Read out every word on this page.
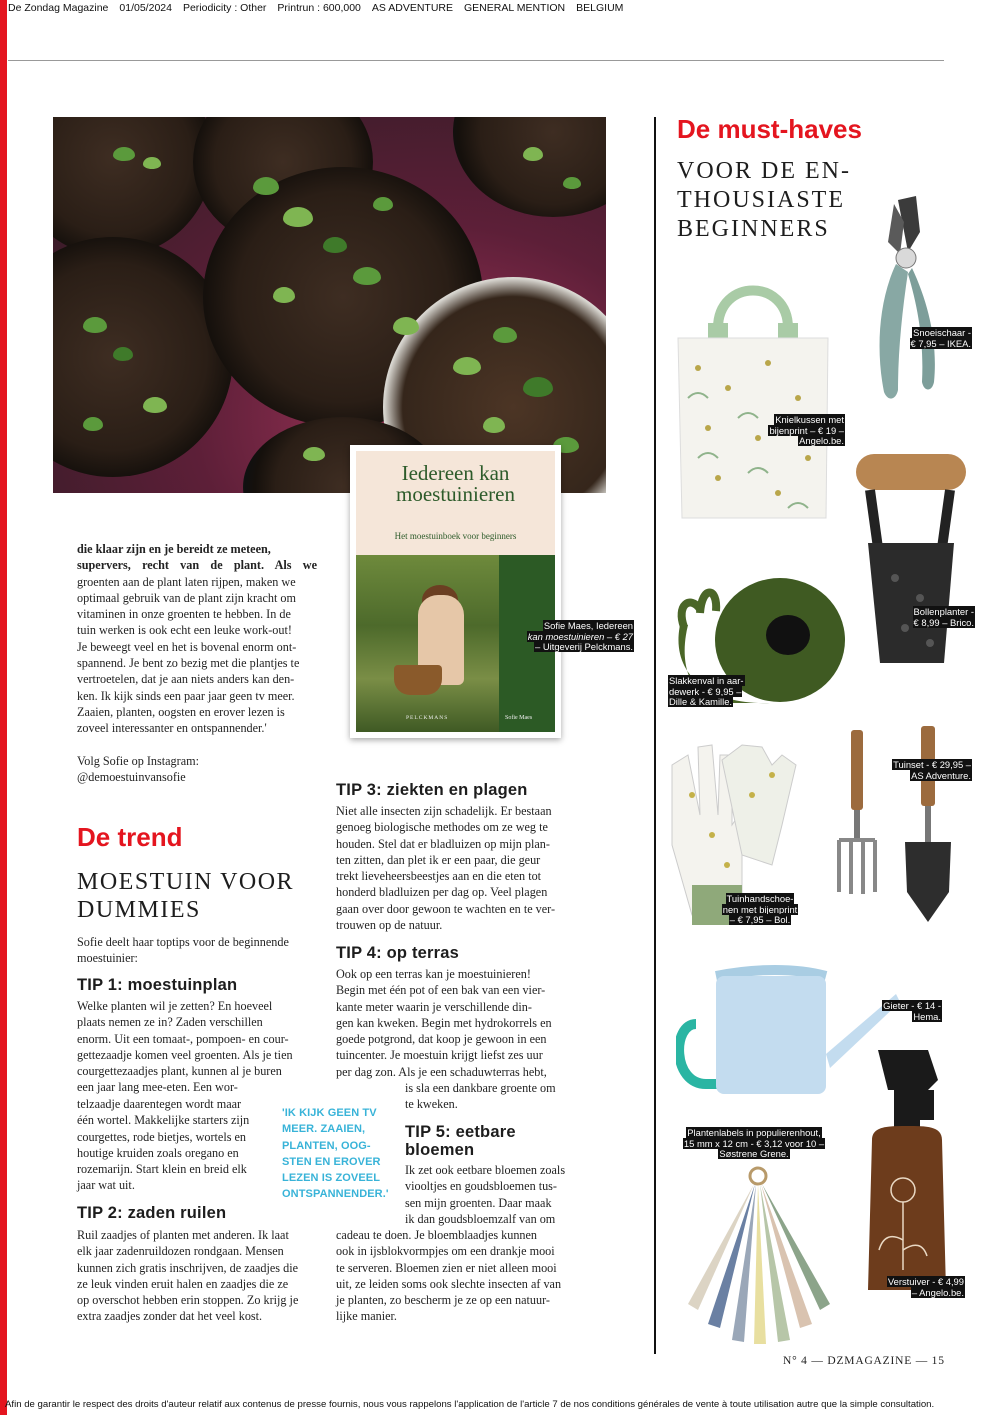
De Zondag Magazine 01/05/2024 Periodicity : Other Printrun : 600,000 AS ADVENTURE GENERAL MENTION BELGIUM
Iedereen kan
moestuinieren
Het moestuinboek voor beginners
PELCKMANS	Sofie Maes
Sofie Maes, Iedereen
kan moestuinieren – € 27
– Uitgeverij Pelckmans.

die klaar zijn en je bereidt ze meteen,

supervers, recht van de plant. Als we

groenten aan de plant laten rijpen, maken we

optimaal gebruik van de plant zijn kracht om

vitaminen in onze groenten te hebben. In de

tuin werken is ook echt een leuke work-out!

Je beweegt veel en het is bovenal enorm ont-

spannend. Je bent zo bezig met die plantjes te

vertroetelen, dat je aan niets anders kan den-

ken. Ik kijk sinds een paar jaar geen tv meer.

Zaaien, planten, oogsten en erover lezen is

zoveel interessanter en ontspannender.'

Volg Sofie op Instagram:

@demoestuinvansofie

De trend
MOESTUIN VOOR
DUMMIES

Sofie deelt haar toptips voor de beginnende

moestuinier:

TIP 1: moestuinplan

Welke planten wil je zetten? En hoeveel

plaats nemen ze in? Zaden verschillen

enorm. Uit een tomaat-, pompoen- en cour-

gettezaadje komen veel groenten. Als je tien

courgettezaadjes plant, kunnen al je buren

een jaar lang mee-eten. Een wor-

telzaadje daarentegen wordt maar

één wortel. Makkelijke starters zijn

courgettes, rode bietjes, wortels en

houtige kruiden zoals oregano en

rozemarijn. Start klein en breid elk

jaar wat uit.

TIP 2: zaden ruilen

Ruil zaadjes of planten met anderen. Ik laat

elk jaar zadenruildozen rondgaan. Mensen

kunnen zich gratis inschrijven, de zaadjes die

ze leuk vinden eruit halen en zaadjes die ze

op overschot hebben erin stoppen. Zo krijg je

extra zaadjes zonder dat het veel kost.

'IK KIJK GEEN TV MEER. ZAAIEN, PLANTEN, OOG-STEN EN EROVER LEZEN IS ZOVEEL ONTSPANNENDER.'
TIP 3: ziekten en plagen

Niet alle insecten zijn schadelijk. Er bestaan

genoeg biologische methodes om ze weg te

houden. Stel dat er bladluizen op mijn plan-

ten zitten, dan plet ik er een paar, die geur

trekt lieveheersbeestjes aan en die eten tot

honderd bladluizen per dag op. Veel plagen

gaan over door gewoon te wachten en te ver-

trouwen op de natuur.

TIP 4: op terras

Ook op een terras kan je moestuinieren!

Begin met één pot of een bak van een vier-

kante meter waarin je verschillende din-

gen kan kweken. Begin met hydrokorrels en

goede potgrond, dat koop je gewoon in een

tuincenter. Je moestuin krijgt liefst zes uur

per dag zon. Als je een schaduwterras hebt,

is sla een dankbare groente om

te kweken.

TIP 5: eetbare
bloemen

Ik zet ook eetbare bloemen zoals

viooltjes en goudsbloemen tus-

sen mijn groenten. Daar maak

ik dan goudsbloemzalf van om

cadeau te doen. Je bloemblaadjes kunnen

ook in ijsblokvormpjes om een drankje mooi

te serveren. Bloemen zien er niet alleen mooi

uit, ze leiden soms ook slechte insecten af van

je planten, zo bescherm je ze op een natuur-

lijke manier.

De must-haves
VOOR DE EN-
THOUSIASTE
BEGINNERS
Snoeischaar -
€ 7,95 – IKEA.
Knielkussen met
bijenprint – € 19 –
Angelo.be.
Bollenplanter -
€ 8,99 – Brico.
Slakkenval in aar-
dewerk - € 9,95 –
Dille & Kamille.
Tuinhandschoe-
nen met bijenprint
– € 7,95 – Bol.
Tuinset - € 29,95 –
AS Adventure.
Gieter - € 14 -
Hema.
Plantenlabels in populierenhout,
15 mm x 12 cm - € 3,12 voor 10 –
Søstrene Grene.
Verstuiver - € 4,99
– Angelo.be.
N° 4 — DZMAGAZINE — 15
Afin de garantir le respect des droits d'auteur relatif aux contenus de presse fournis, nous vous rappelons l'application de l'article 7 de nos conditions générales de vente à toute utilisation autre que la simple consultation.
